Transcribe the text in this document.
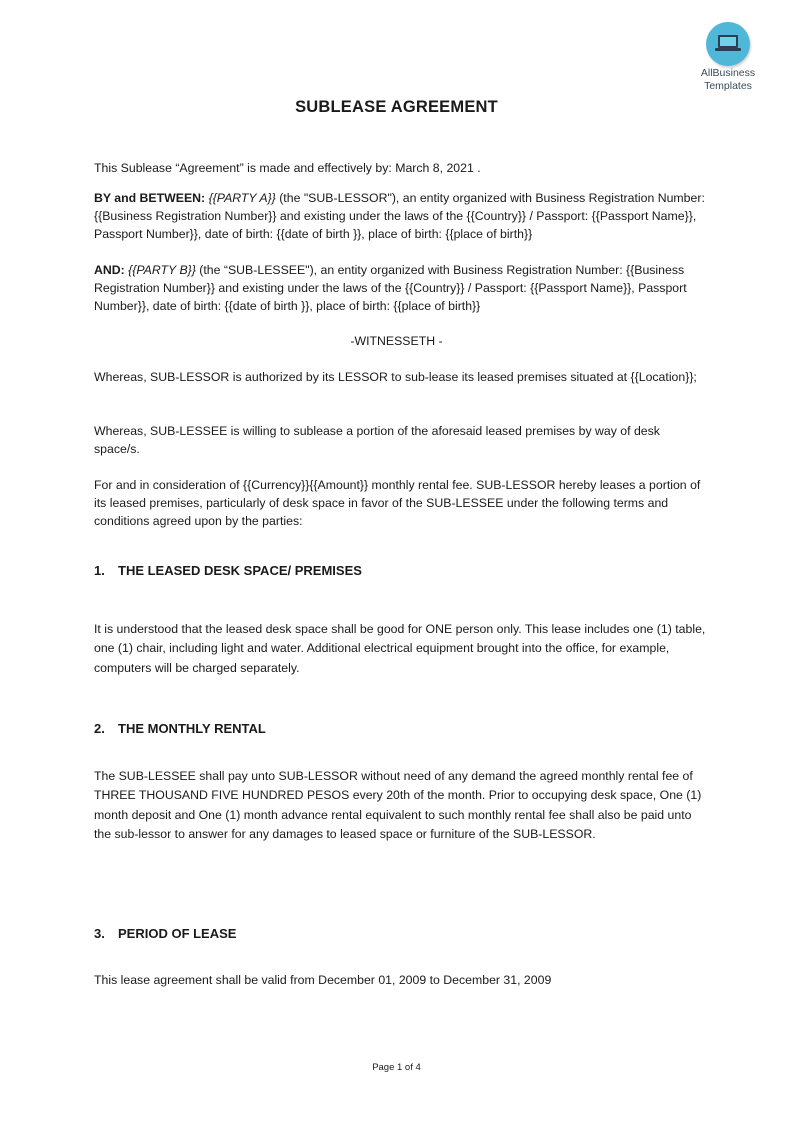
AllBusiness
Templates
SUBLEASE AGREEMENT

This Sublease “Agreement” is made and effectively by: March 8, 2021 .

BY and BETWEEN: {{PARTY A}} (the "SUB-LESSOR"), an entity organized with Business Registration Number: {{Business Registration Number}} and existing under the laws of the {{Country}} / Passport: {{Passport Name}}, Passport Number}}, date of birth: {{date of birth }}, place of birth: {{place of birth}}

AND: {{PARTY B}} (the “SUB-LESSEE"), an entity organized with Business Registration Number: {{Business Registration Number}} and existing under the laws of the {{Country}} / Passport: {{Passport Name}}, Passport Number}}, date of birth: {{date of birth }}, place of birth: {{place of birth}}

-WITNESSETH -

Whereas, SUB-LESSOR is authorized by its LESSOR to sub-lease its leased premises situated at {{Location}};

Whereas, SUB-LESSEE is willing to sublease a portion of the aforesaid leased premises by way of desk space/s.

For and in consideration of {{Currency}}{{Amount}} monthly rental fee. SUB-LESSOR hereby leases a portion of its leased premises, particularly of desk space in favor of the SUB-LESSEE under the following terms and conditions agreed upon by the parties:

1. THE LEASED DESK SPACE/ PREMISES

It is understood that the leased desk space shall be good for ONE person only. This lease includes one (1) table, one (1) chair, including light and water. Additional electrical equipment brought into the office, for example, computers will be charged separately.

2. THE MONTHLY RENTAL

The SUB-LESSEE shall pay unto SUB-LESSOR without need of any demand the agreed monthly rental fee of THREE THOUSAND FIVE HUNDRED PESOS every 20th of the month. Prior to occupying desk space, One (1) month deposit and One (1) month advance rental equivalent to such monthly rental fee shall also be paid unto the sub-lessor to answer for any damages to leased space or furniture of the SUB-LESSOR.

3. PERIOD OF LEASE

This lease agreement shall be valid from December 01, 2009 to December 31, 2009

Page 1 of 4
